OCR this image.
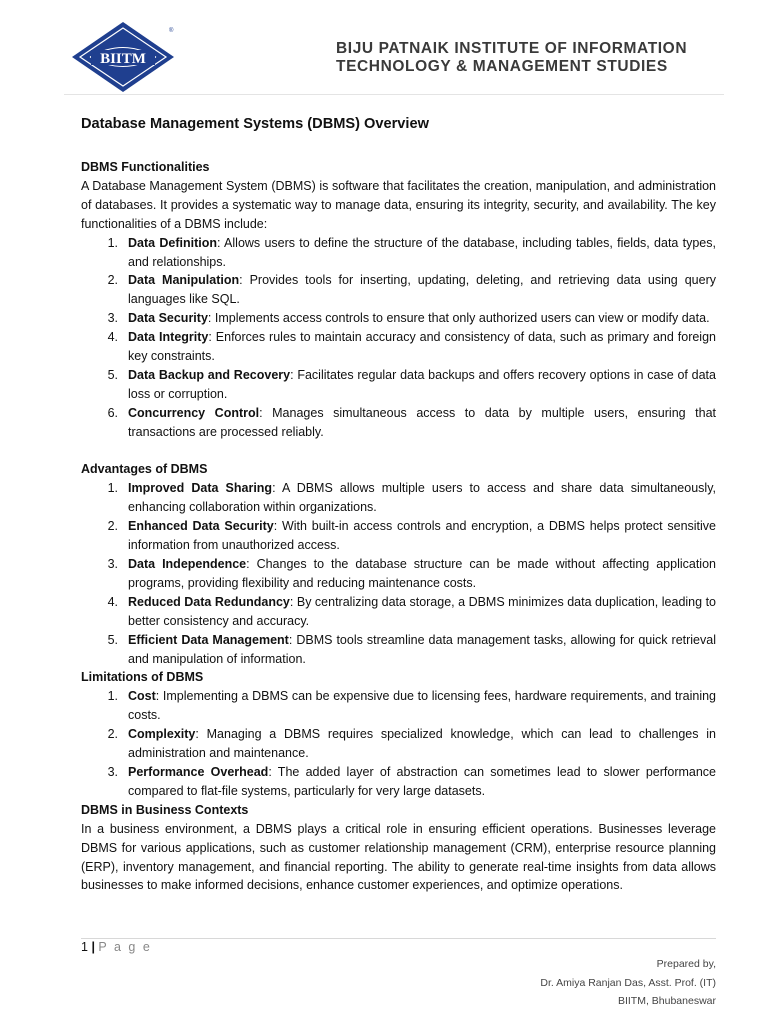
BIITM
®
BIJU PATNAIK INSTITUTE OF INFORMATION
TECHNOLOGY & MANAGEMENT STUDIES
Database Management Systems (DBMS) Overview
DBMS Functionalities

A Database Management System (DBMS) is software that facilitates the creation, manipulation, and administration of databases. It provides a systematic way to manage data, ensuring its integrity, security, and availability. The key functionalities of a DBMS include:

1. Data Definition: Allows users to define the structure of the database, including tables, fields, data types, and relationships.
2. Data Manipulation: Provides tools for inserting, updating, deleting, and retrieving data using query languages like SQL.
3. Data Security: Implements access controls to ensure that only authorized users can view or modify data.
4. Data Integrity: Enforces rules to maintain accuracy and consistency of data, such as primary and foreign key constraints.
5. Data Backup and Recovery: Facilitates regular data backups and offers recovery options in case of data loss or corruption.
6. Concurrency Control: Manages simultaneous access to data by multiple users, ensuring that transactions are processed reliably.
Advantages of DBMS
1. Improved Data Sharing: A DBMS allows multiple users to access and share data simultaneously, enhancing collaboration within organizations.
2. Enhanced Data Security: With built-in access controls and encryption, a DBMS helps protect sensitive information from unauthorized access.
3. Data Independence: Changes to the database structure can be made without affecting application programs, providing flexibility and reducing maintenance costs.
4. Reduced Data Redundancy: By centralizing data storage, a DBMS minimizes data duplication, leading to better consistency and accuracy.
5. Efficient Data Management: DBMS tools streamline data management tasks, allowing for quick retrieval and manipulation of information.
Limitations of DBMS
1. Cost: Implementing a DBMS can be expensive due to licensing fees, hardware requirements, and training costs.
2. Complexity: Managing a DBMS requires specialized knowledge, which can lead to challenges in administration and maintenance.
3. Performance Overhead: The added layer of abstraction can sometimes lead to slower performance compared to flat-file systems, particularly for very large datasets.
DBMS in Business Contexts

In a business environment, a DBMS plays a critical role in ensuring efficient operations. Businesses leverage DBMS for various applications, such as customer relationship management (CRM), enterprise resource planning (ERP), inventory management, and financial reporting. The ability to generate real-time insights from data allows businesses to make informed decisions, enhance customer experiences, and optimize operations.

1 | P a g e
Prepared by,
Dr. Amiya Ranjan Das, Asst. Prof. (IT)
BIITM, Bhubaneswar
